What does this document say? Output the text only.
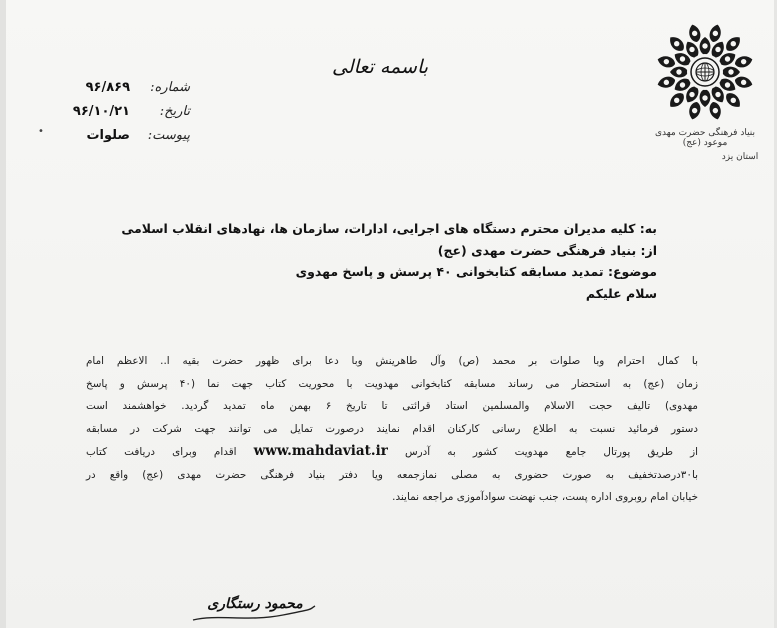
بنیاد فرهنگی حضرت مهدی موعود (عج)
استان یزد
باسمه تعالی
شماره:
۹۶/۸۶۹
تاریخ:
۹۶/۱۰/۲۱
پیوست:
صلوات
•
به: کلیه مدیران محترم دستگاه های اجرایی، ادارات، سازمان ها، نهادهای انقلاب اسلامی
از: بنیاد فرهنگی حضرت مهدی (عج)
موضوع: تمدید مسابقه کتابخوانی ۴۰ پرسش و پاسخ مهدوی
سلام علیکم
با کمال احترام وبا صلوات بر محمد (ص) وآل طاهرینش وبا دعا برای ظهور حضرت بقیه ا.. الاعظم امام
زمان (عج) به استحضار می رساند مسابقه کتابخوانی مهدویت با محوریت کتاب جهت نما (۴۰ پرسش و پاسخ
مهدوی) تالیف حجت الاسلام والمسلمین استاد قرائتی تا تاریخ ۶ بهمن ماه تمدید گردید. خواهشمند است
دستور فرمائید نسبت به اطلاع رسانی کارکنان اقدام نمایند درصورت تمایل می توانند جهت شرکت در مسابقه
از طریق پورتال جامع مهدویت کشور به آدرس www.mahdaviat.ir اقدام وبرای دریافت کتاب
با۳۰درصدتخفیف به صورت حضوری به مصلی نمازجمعه ویا دفتر بنیاد فرهنگی حضرت مهدی (عج) واقع در
خیابان امام روبروی اداره پست، جنب نهضت سوادآموزی مراجعه نمایند.
محمود رستگاری
